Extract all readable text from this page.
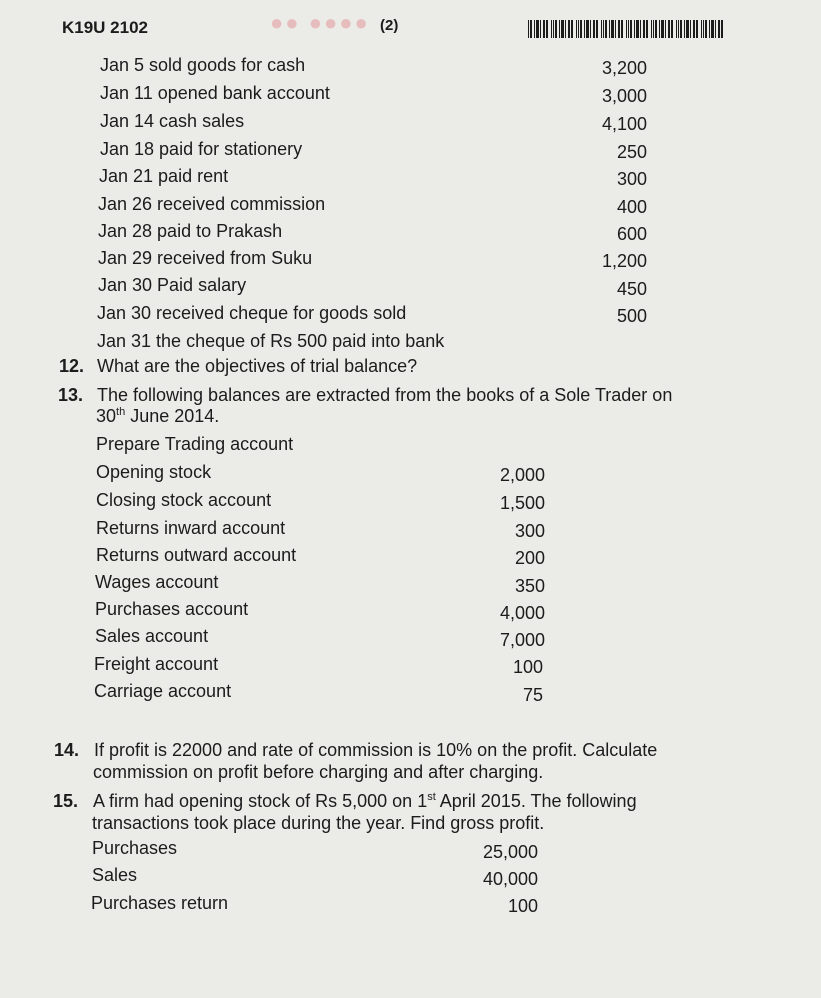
K19U 2102	●● ●●●● (2)
Jan 5 sold goods for cash	3,200
Jan 11 opened bank account	3,000
Jan 14 cash sales	4,100
Jan 18 paid for stationery	250
Jan 21 paid rent	300
Jan 26 received commission	400
Jan 28 paid to Prakash	600
Jan 29 received from Suku	1,200
Jan 30 Paid salary	450
Jan 30 received cheque for goods sold	500
Jan 31 the cheque of Rs 500 paid into bank
12. What are the objectives of trial balance?
13. The following balances are extracted from the books of a Sole Trader on
30th June 2014.
Prepare Trading account
Opening stock	2,000
Closing stock account	1,500
Returns inward account	300
Returns outward account	200
Wages account	350
Purchases account	4,000
Sales account	7,000
Freight account	100
Carriage account	75
14. If profit is 22000 and rate of commission is 10% on the profit. Calculate
commission on profit before charging and after charging.
15. A firm had opening stock of Rs 5,000 on 1st April 2015. The following
transactions took place during the year. Find gross profit.
Purchases	25,000
Sales	40,000
Purchases return	100
